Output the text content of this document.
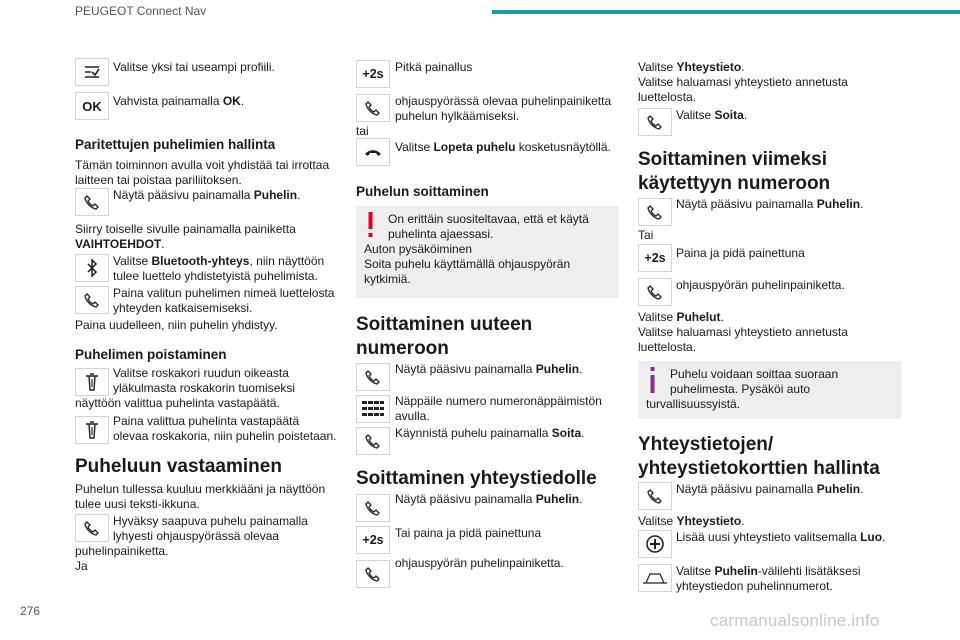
PEUGEOT Connect Nav
Valitse yksi tai useampi profiili.
OK Vahvista painamalla OK.
Paritettujen puhelimien hallinta
Tämän toiminnon avulla voit yhdistää tai irrottaa
laitteen tai poistaa pariliitoksen.
Näytä pääsivu painamalla Puhelin.
Siirry toiselle sivulle painamalla painiketta
VAIHTOEHDOT.
Valitse Bluetooth-yhteys, niin näyttöön
tulee luettelo yhdistetyistä puhelimista.
Paina valitun puhelimen nimeä luettelosta
yhteyden katkaisemiseksi.
Paina uudelleen, niin puhelin yhdistyy.
Puhelimen poistaminen
Valitse roskakori ruudun oikeasta
yläkulmasta roskakorin tuomiseksi
näyttöön valittua puhelinta vastapäätä.
Paina valittua puhelinta vastapäätä
olevaa roskakoria, niin puhelin poistetaan.
Puheluun vastaaminen
Puhelun tullessa kuuluu merkkiääni ja näyttöön
tulee uusi teksti-ikkuna.
Hyväksy saapuva puhelu painamalla
lyhyesti ohjauspyörässä olevaa
puhelinpainiketta.
Ja
+2s Pitkä painallus
ohjauspyörässä olevaa puhelinpainiketta
puhelun hylkäämiseksi.
tai
Valitse Lopeta puhelu kosketusnäytöllä.
Puhelun soittaminen
On erittäin suositeltavaa, että et käytä
puhelinta ajaessasi.
Auton pysäköiminen
Soita puhelu käyttämällä ohjauspyörän
kytkimiä.
Soittaminen uuteen
numeroon
Näytä pääsivu painamalla Puhelin.
Näppäile numero numeronäppäimistön
avulla.
Käynnistä puhelu painamalla Soita.
Soittaminen yhteystiedolle
Näytä pääsivu painamalla Puhelin.
+2s Tai paina ja pidä painettuna
ohjauspyörän puhelinpainiketta.
Valitse Yhteystieto.
Valitse haluamasi yhteystieto annetusta
luettelosta.
Valitse Soita.
Soittaminen viimeksi
käytettyyn numeroon
Näytä pääsivu painamalla Puhelin.
Tai
+2s Paina ja pidä painettuna
ohjauspyörän puhelinpainiketta.
Valitse Puhelut.
Valitse haluamasi yhteystieto annetusta
luettelosta.
Puhelu voidaan soittaa suoraan
puhelimesta. Pysäköi auto
turvallisuussyistä.
Yhteystietojen/
yhteystietokorttien hallinta
Näytä pääsivu painamalla Puhelin.
Valitse Yhteystieto.
Lisää uusi yhteystieto valitsemalla Luo.
Valitse Puhelin-välilehti lisätäksesi
yhteystiedon puhelinnumerot.
276	carmanualsonline.info
